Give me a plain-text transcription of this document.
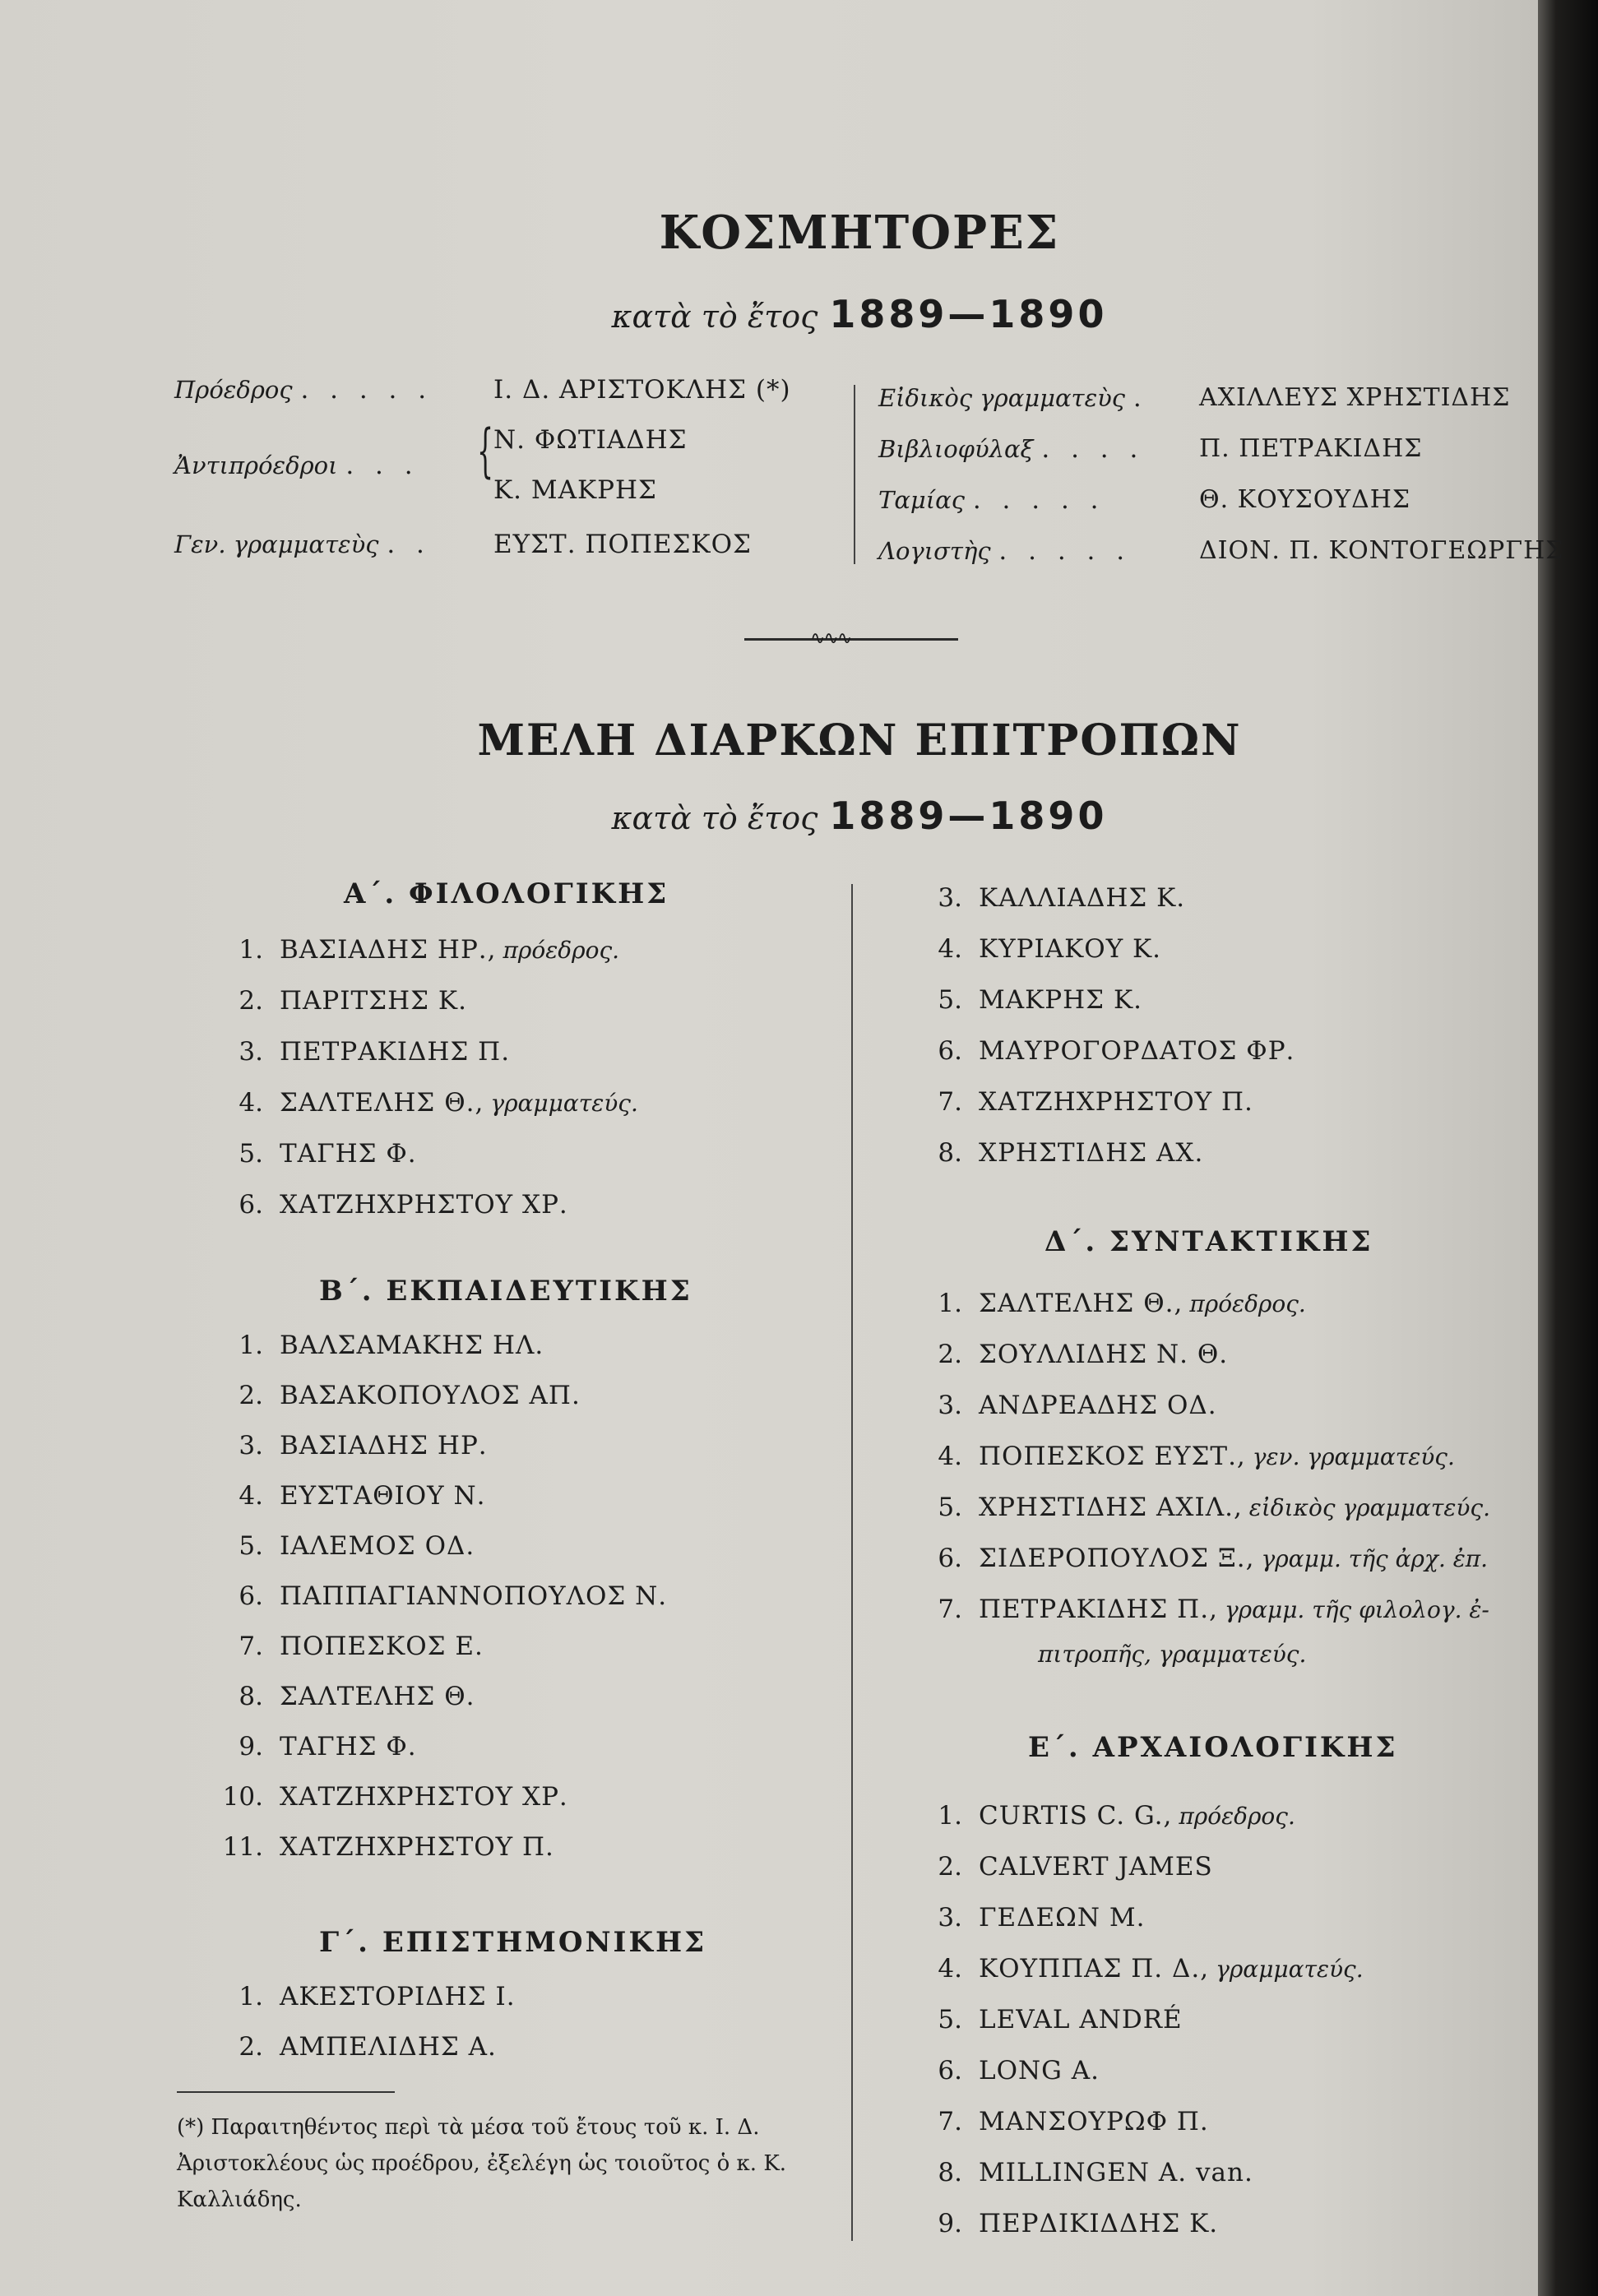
ΚΟΣΜΗΤΟΡΕΣ
κατὰ τὸ ἔτος 1889—1890
Πρόεδρος . . . . . Ι. Δ. ΑΡΙΣΤΟΚΛΗΣ (*)
Ἀντιπρόεδροι . . . { Ν. ΦΩΤΙΑΔΗΣ
Κ. ΜΑΚΡΗΣ
Γεν. γραμματεὺς . . ΕΥΣΤ. ΠΟΠΕΣΚΟΣ
Εἰδικὸς γραμματεὺς . ΑΧΙΛΛΕΥΣ ΧΡΗΣΤΙΔΗΣ
Βιβλιοφύλαξ . . . . Π. ΠΕΤΡΑΚΙΔΗΣ
Ταμίας . . . . .	Θ. ΚΟΥΣΟΥΔΗΣ
Λογιστὴς . . . . .	ΔΙΟΝ. Π. ΚΟΝΤΟΓΕΩΡΓΗΣ
∿∿∿
ΜΕΛΗ ΔΙΑΡΚΩΝ ΕΠΙΤΡΟΠΩΝ
κατὰ τὸ ἔτος 1889—1890
Α΄. ΦΙΛΟΛΟΓΙΚΗΣ
1. ΒΑΣΙΑΔΗΣ ΗΡ., πρόεδρος.
2. ΠΑΡΙΤΣΗΣ Κ.
3. ΠΕΤΡΑΚΙΔΗΣ Π.
4. ΣΑΛΤΕΛΗΣ Θ., γραμματεύς.
5. ΤΑΓΗΣ Φ.
6. ΧΑΤΖΗΧΡΗΣΤΟΥ ΧΡ.
Β΄. ΕΚΠΑΙΔΕΥΤΙΚΗΣ
1. ΒΑΛΣΑΜΑΚΗΣ ΗΛ.
2. ΒΑΣΑΚΟΠΟΥΛΟΣ ΑΠ.
3. ΒΑΣΙΑΔΗΣ ΗΡ.
4. ΕΥΣΤΑΘΙΟΥ Ν.
5. ΙΑΛΕΜΟΣ ΟΔ.
6. ΠΑΠΠΑΓΙΑΝΝΟΠΟΥΛΟΣ Ν.
7. ΠΟΠΕΣΚΟΣ Ε.
8. ΣΑΛΤΕΛΗΣ Θ.
9. ΤΑΓΗΣ Φ.
10. ΧΑΤΖΗΧΡΗΣΤΟΥ ΧΡ.
11. ΧΑΤΖΗΧΡΗΣΤΟΥ Π.
Γ΄. ΕΠΙΣΤΗΜΟΝΙΚΗΣ
1. ΑΚΕΣΤΟΡΙΔΗΣ Ι.
2. ΑΜΠΕΛΙΔΗΣ Α.
(*) Παραιτηθέντος περὶ τὰ μέσα τοῦ ἔτους τοῦ κ. Ι. Δ. Ἀριστοκλέους ὡς προέδρου, ἐξελέγη ὡς τοιοῦτος ὁ κ. Κ. Καλλιάδης.
3. ΚΑΛΛΙΑΔΗΣ Κ.
4. ΚΥΡΙΑΚΟΥ Κ.
5. ΜΑΚΡΗΣ Κ.
6. ΜΑΥΡΟΓΟΡΔΑΤΟΣ ΦΡ.
7. ΧΑΤΖΗΧΡΗΣΤΟΥ Π.
8. ΧΡΗΣΤΙΔΗΣ ΑΧ.
Δ΄. ΣΥΝΤΑΚΤΙΚΗΣ
1. ΣΑΛΤΕΛΗΣ Θ., πρόεδρος.
2. ΣΟΥΛΛΙΔΗΣ Ν. Θ.
3. ΑΝΔΡΕΑΔΗΣ ΟΔ.
4. ΠΟΠΕΣΚΟΣ ΕΥΣΤ., γεν. γραμματεύς.
5. ΧΡΗΣΤΙΔΗΣ ΑΧΙΛ., εἰδικὸς γραμματεύς.
6. ΣΙΔΕΡΟΠΟΥΛΟΣ Ξ., γραμμ. τῆς ἀρχ. ἐπ.
7. ΠΕΤΡΑΚΙΔΗΣ Π., γραμμ. τῆς φιλολογ. ἐ-
πιτροπῆς, γραμματεύς.
Ε΄. ΑΡΧΑΙΟΛΟΓΙΚΗΣ
1. CURTIS C. G., πρόεδρος.
2. CALVERT JAMES
3. ΓΕΔΕΩΝ Μ.
4. ΚΟΥΠΠΑΣ Π. Δ., γραμματεύς.
5. LEVAL ANDRÉ
6. LONG A.
7. ΜΑΝΣΟΥΡΩΦ Π.
8. MILLINGEN A. van.
9. ΠΕΡΔΙΚΙΔΔΗΣ Κ.
